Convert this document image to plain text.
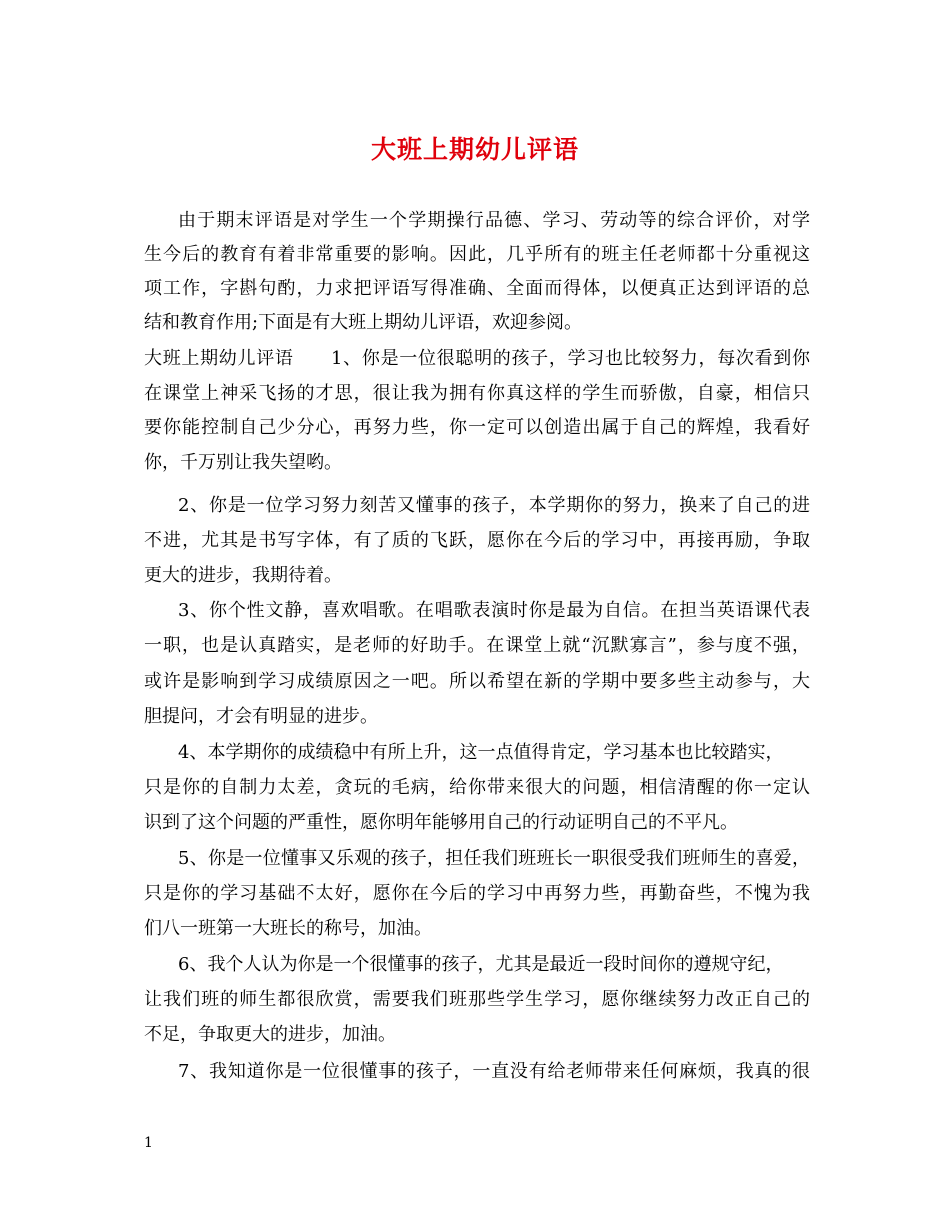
大班上期幼儿评语
由于期末评语是对学生一个学期操行品德、学习、劳动等的综合评价，对学
生今后的教育有着非常重要的影响。因此，几乎所有的班主任老师都十分重视这
项工作，字斟句酌，力求把评语写得准确、全面而得体，以便真正达到评语的总
结和教育作用;下面是有大班上期幼儿评语，欢迎参阅。
大班上期幼儿评语　　1、你是一位很聪明的孩子，学习也比较努力，每次看到你
在课堂上神采飞扬的才思，很让我为拥有你真这样的学生而骄傲，自豪，相信只
要你能控制自己少分心，再努力些，你一定可以创造出属于自己的辉煌，我看好
你，千万别让我失望哟。
2、你是一位学习努力刻苦又懂事的孩子，本学期你的努力，换来了自己的进
不进，尤其是书写字体，有了质的飞跃，愿你在今后的学习中，再接再励，争取
更大的进步，我期待着。
3、你个性文静，喜欢唱歌。在唱歌表演时你是最为自信。在担当英语课代表
一职，也是认真踏实，是老师的好助手。在课堂上就“沉默寡言”，参与度不强，
或许是影响到学习成绩原因之一吧。所以希望在新的学期中要多些主动参与，大
胆提问，才会有明显的进步。
4、本学期你的成绩稳中有所上升，这一点值得肯定，学习基本也比较踏实，
只是你的自制力太差，贪玩的毛病，给你带来很大的问题，相信清醒的你一定认
识到了这个问题的严重性，愿你明年能够用自己的行动证明自己的不平凡。
5、你是一位懂事又乐观的孩子，担任我们班班长一职很受我们班师生的喜爱，
只是你的学习基础不太好，愿你在今后的学习中再努力些，再勤奋些，不愧为我
们八一班第一大班长的称号，加油。
6、我个人认为你是一个很懂事的孩子，尤其是最近一段时间你的遵规守纪，
让我们班的师生都很欣赏，需要我们班那些学生学习，愿你继续努力改正自己的
不足，争取更大的进步，加油。
7、我知道你是一位很懂事的孩子，一直没有给老师带来任何麻烦，我真的很
1
